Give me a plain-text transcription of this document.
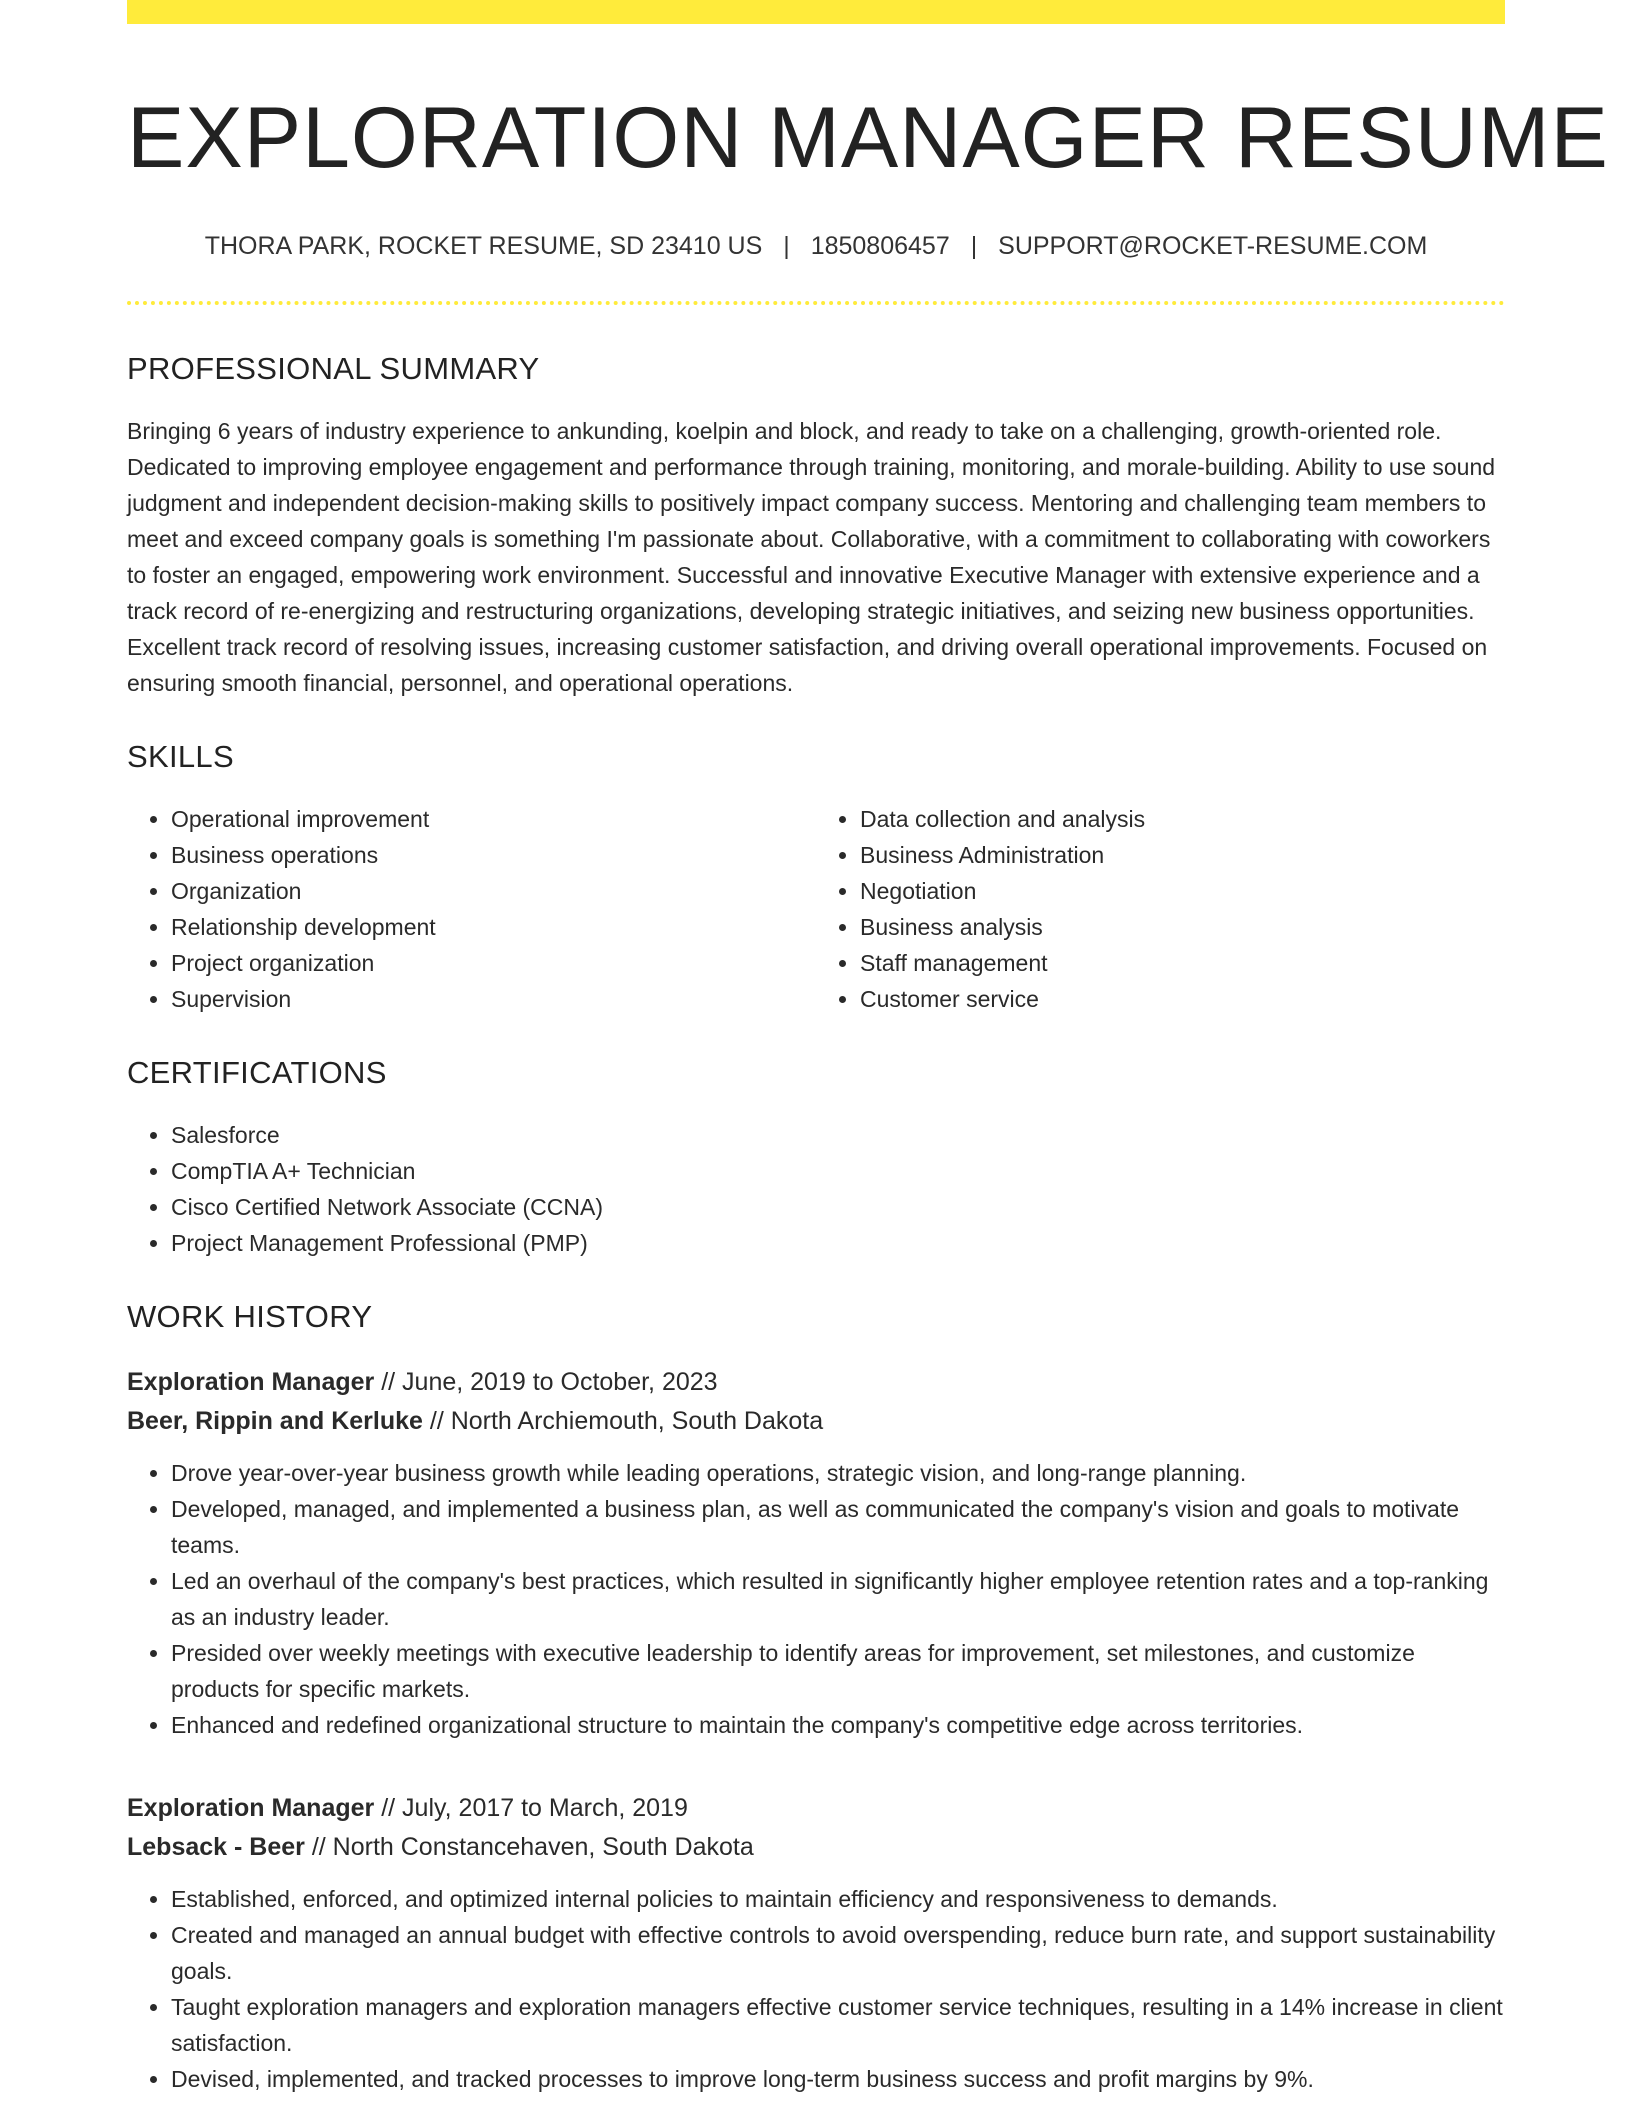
EXPLORATION MANAGER RESUME
THORA PARK, ROCKET RESUME, SD 23410 US | 1850806457 | SUPPORT@ROCKET-RESUME.COM
PROFESSIONAL SUMMARY

Bringing 6 years of industry experience to ankunding, koelpin and block, and ready to take on a challenging, growth-oriented role. Dedicated to improving employee engagement and performance through training, monitoring, and morale-building. Ability to use sound judgment and independent decision-making skills to positively impact company success. Mentoring and challenging team members to meet and exceed company goals is something I'm passionate about. Collaborative, with a commitment to collaborating with coworkers to foster an engaged, empowering work environment. Successful and innovative Executive Manager with extensive experience and a track record of re-energizing and restructuring organizations, developing strategic initiatives, and seizing new business opportunities. Excellent track record of resolving issues, increasing customer satisfaction, and driving overall operational improvements. Focused on ensuring smooth financial, personnel, and operational operations.

SKILLS
• Operational improvement
• Business operations
• Organization
• Relationship development
• Project organization
• Supervision
• Data collection and analysis
• Business Administration
• Negotiation
• Business analysis
• Staff management
• Customer service
CERTIFICATIONS
• Salesforce
• CompTIA A+ Technician
• Cisco Certified Network Associate (CCNA)
• Project Management Professional (PMP)
WORK HISTORY
Exploration Manager // June, 2019 to October, 2023
Beer, Rippin and Kerluke // North Archiemouth, South Dakota
• Drove year-over-year business growth while leading operations, strategic vision, and long-range planning.
• Developed, managed, and implemented a business plan, as well as communicated the company's vision and goals to motivate teams.
• Led an overhaul of the company's best practices, which resulted in significantly higher employee retention rates and a top-ranking as an industry leader.
• Presided over weekly meetings with executive leadership to identify areas for improvement, set milestones, and customize products for specific markets.
• Enhanced and redefined organizational structure to maintain the company's competitive edge across territories.
Exploration Manager // July, 2017 to March, 2019
Lebsack - Beer // North Constancehaven, South Dakota
• Established, enforced, and optimized internal policies to maintain efficiency and responsiveness to demands.
• Created and managed an annual budget with effective controls to avoid overspending, reduce burn rate, and support sustainability goals.
• Taught exploration managers and exploration managers effective customer service techniques, resulting in a 14% increase in client satisfaction.
• Devised, implemented, and tracked processes to improve long-term business success and profit margins by 9%.
